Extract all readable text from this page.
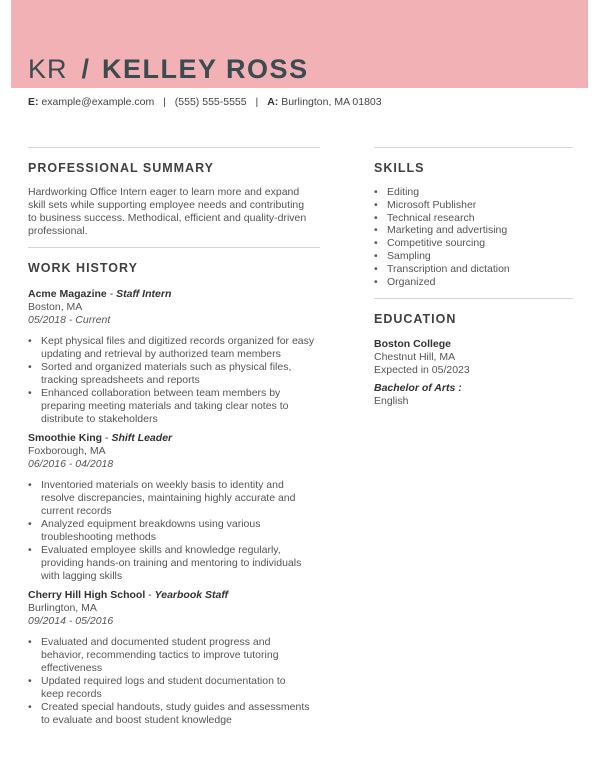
KR / KELLEY ROSS
E: example@example.com | (555) 555-5555 | A: Burlington, MA 01803
PROFESSIONAL SUMMARY
Hardworking Office Intern eager to learn more and expand
skill sets while supporting employee needs and contributing
to business success. Methodical, efficient and quality-driven
professional.
WORK HISTORY
Acme Magazine - Staff Intern
Boston, MA
05/2018 - Current
• Kept physical files and digitized records organized for easy
updating and retrieval by authorized team members
• Sorted and organized materials such as physical files,
tracking spreadsheets and reports
• Enhanced collaboration between team members by
preparing meeting materials and taking clear notes to
distribute to stakeholders
Smoothie King - Shift Leader
Foxborough, MA
06/2016 - 04/2018
• Inventoried materials on weekly basis to identity and
resolve discrepancies, maintaining highly accurate and
current records
• Analyzed equipment breakdowns using various
troubleshooting methods
• Evaluated employee skills and knowledge regularly,
providing hands-on training and mentoring to individuals
with lagging skills
Cherry Hill High School - Yearbook Staff
Burlington, MA
09/2014 - 05/2016
• Evaluated and documented student progress and
behavior, recommending tactics to improve tutoring
effectiveness
• Updated required logs and student documentation to
keep records
• Created special handouts, study guides and assessments
to evaluate and boost student knowledge
SKILLS
• Editing
• Microsoft Publisher
• Technical research
• Marketing and advertising
• Competitive sourcing
• Sampling
• Transcription and dictation
• Organized
EDUCATION
Boston College
Chestnut Hill, MA
Expected in 05/2023
Bachelor of Arts :
English
